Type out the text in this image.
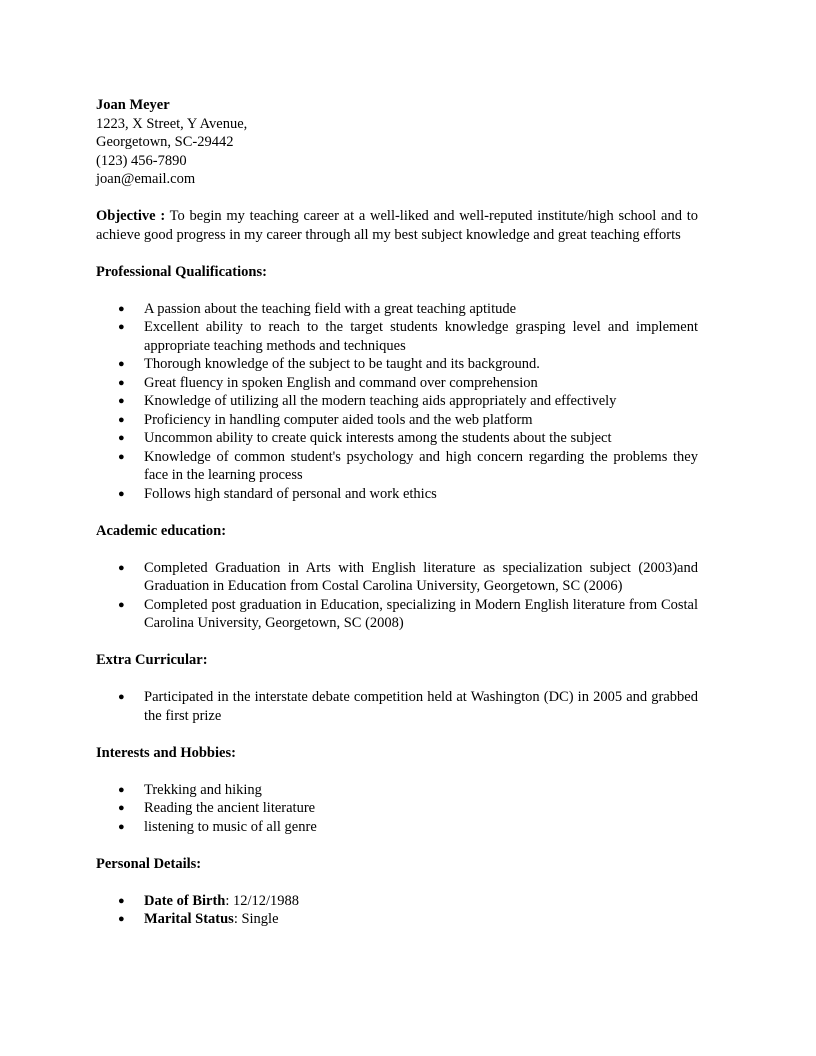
Joan Meyer

1223, X Street, Y Avenue,

Georgetown, SC-29442

(123) 456-7890

joan@email.com

Objective : To begin my teaching career at a well-liked and well-reputed institute/high school and to achieve good progress in my career through all my best subject knowledge and great teaching efforts

Professional Qualifications:

● A passion about the teaching field with a great teaching aptitude
● Excellent ability to reach to the target students knowledge grasping level and implement appropriate teaching methods and techniques
● Thorough knowledge of the subject to be taught and its background.
● Great fluency in spoken English and command over comprehension
● Knowledge of utilizing all the modern teaching aids appropriately and effectively
● Proficiency in handling computer aided tools and the web platform
● Uncommon ability to create quick interests among the students about the subject
● Knowledge of common student's psychology and high concern regarding the problems they face in the learning process
● Follows high standard of personal and work ethics

Academic education:

● Completed Graduation in Arts with English literature as specialization subject (2003)and Graduation in Education from Costal Carolina University, Georgetown, SC (2006)
● Completed post graduation in Education, specializing in Modern English literature from Costal Carolina University, Georgetown, SC (2008)

Extra Curricular:

● Participated in the interstate debate competition held at Washington (DC) in 2005 and grabbed the first prize

Interests and Hobbies:

● Trekking and hiking
● Reading the ancient literature
● listening to music of all genre

Personal Details:

● Date of Birth: 12/12/1988
● Marital Status: Single
